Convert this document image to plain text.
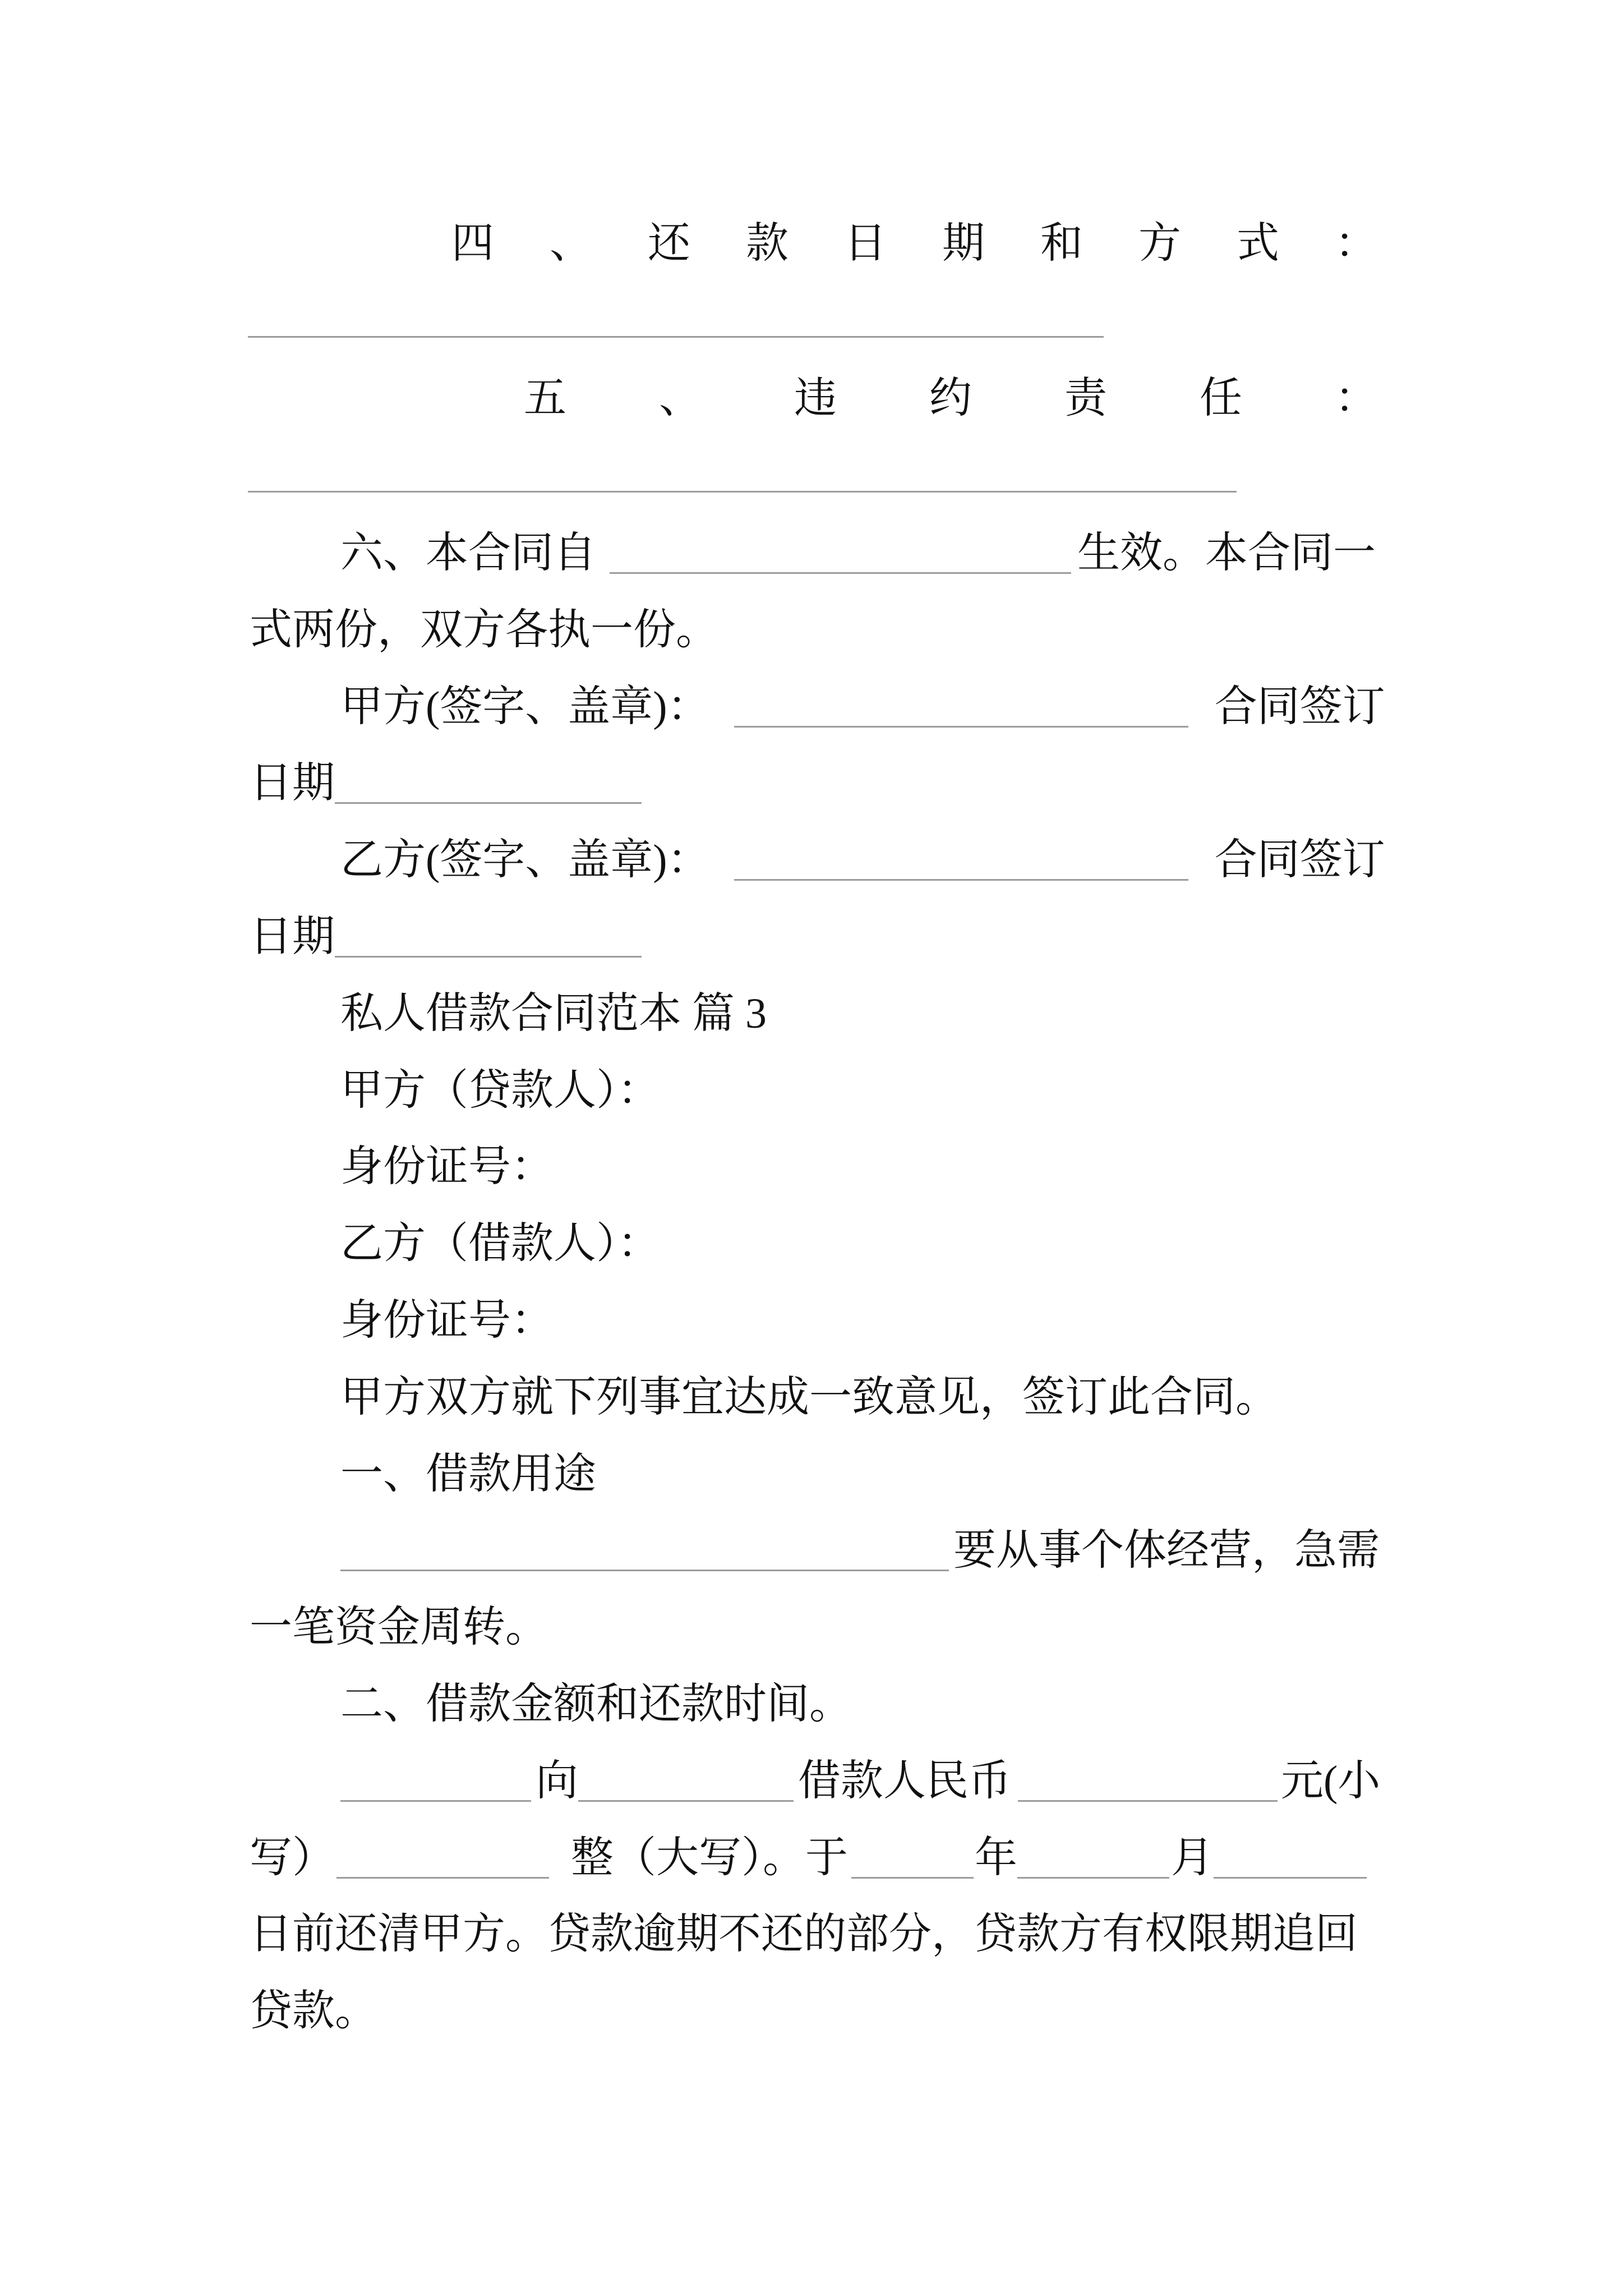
四、还款日期和方式：
五、违约责任：
六、本合同自	生效。本合同一
式两份，双方各执一份。
甲方(签字、盖章)：	合同签订
日期
乙方(签字、盖章)：	合同签订
日期
私人借款合同范本 篇 3
甲方（贷款人）：
身份证号：
乙方（借款人）：
身份证号：
甲方双方就下列事宜达成一致意见，签订此合同。
一、借款用途
要从事个体经营，急需
一笔资金周转。
二、借款金额和还款时间。
向	借款人民币	元(小
写）	整（大写）。于	年	月
日前还清甲方。贷款逾期不还的部分，贷款方有权限期追回
贷款。
